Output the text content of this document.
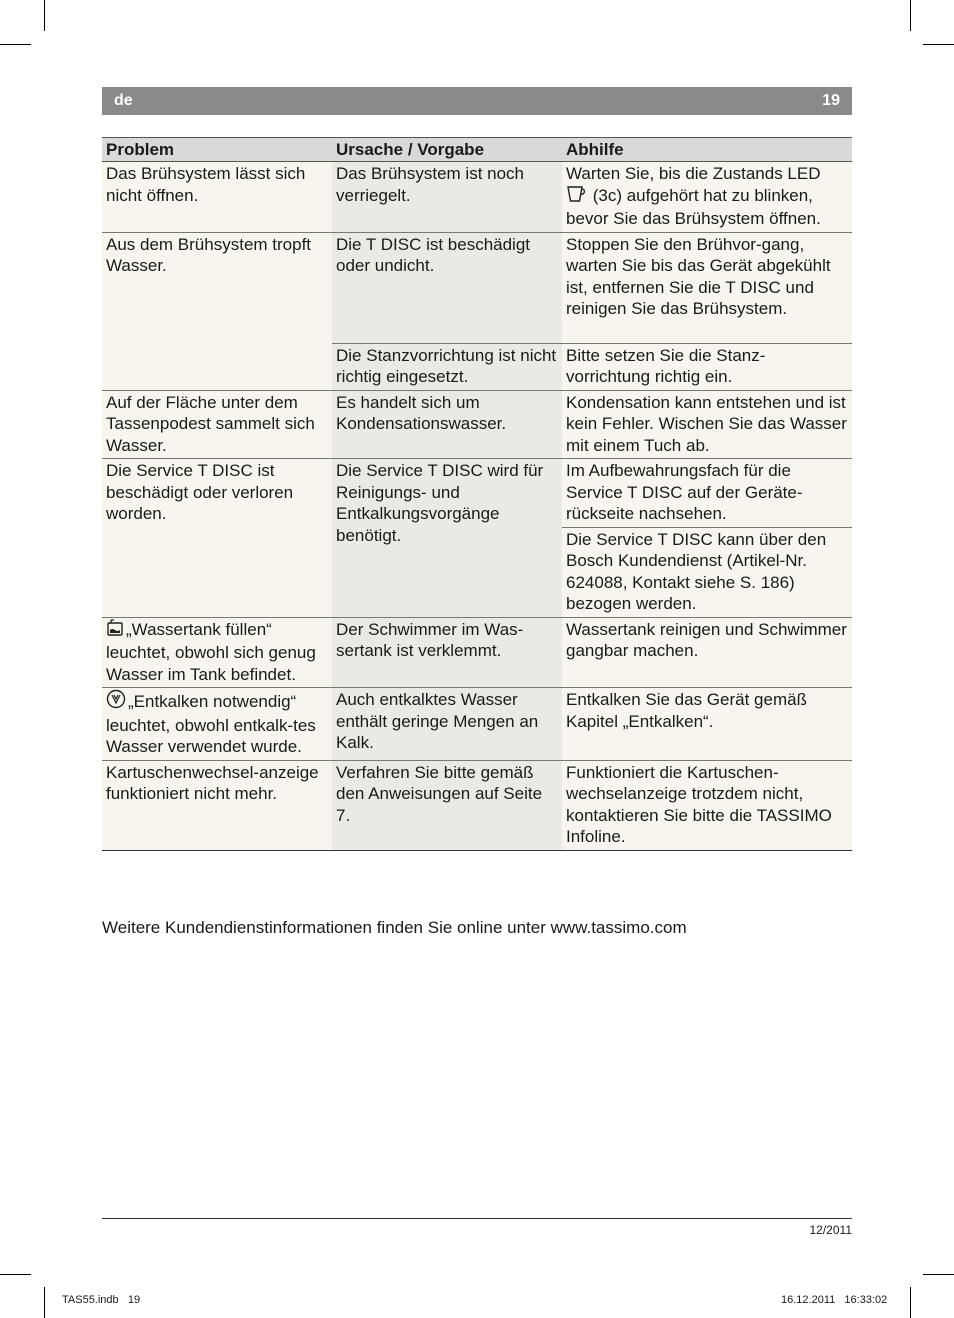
de	19
Problem	Ursache / Vorgabe	Abhilfe
Das Brühsystem lässt sich nicht öffnen.	Das Brühsystem ist noch verriegelt.	Warten Sie, bis die Zustands LED
(3c) aufgehört hat zu blinken, bevor Sie das Brühsystem öffnen.
Aus dem Brühsystem tropft Wasser.	Die T DISC ist beschädigt oder undicht.	Stoppen Sie den Brühvor-gang, warten Sie bis das Gerät abgekühlt ist, entfernen Sie die T DISC und reinigen Sie das Brühsystem.
	Die Stanzvorrichtung ist nicht richtig eingesetzt.	Bitte setzen Sie die Stanz-vorrichtung richtig ein.
Auf der Fläche unter dem Tassenpodest sammelt sich Wasser.	Es handelt sich um Kondensationswasser.	Kondensation kann entstehen und ist kein Fehler. Wischen Sie das Wasser mit einem Tuch ab.
Die Service T DISC ist beschädigt oder verloren worden.	Die Service T DISC wird für Reinigungs- und Entkalkungsvorgänge benötigt.	Im Aufbewahrungsfach für die Service T DISC auf der Geräte-rückseite nachsehen.
		Die Service T DISC kann über den Bosch Kundendienst (Artikel-Nr. 624088, Kontakt siehe S. 186) bezogen werden.
„Wassertank füllen“ leuchtet, obwohl sich genug Wasser im Tank befindet.	Der Schwimmer im Was-sertank ist verklemmt.	Wassertank reinigen und Schwimmer gangbar machen.
„Entkalken notwendig“ leuchtet, obwohl entkalk-tes Wasser verwendet wurde.	Auch entkalktes Wasser enthält geringe Mengen an Kalk.	Entkalken Sie das Gerät gemäß Kapitel „Entkalken“.
Kartuschenwechsel-anzeige funktioniert nicht mehr.	Verfahren Sie bitte gemäß den Anweisungen auf Seite 7.	Funktioniert die Kartuschen-wechselanzeige trotzdem nicht, kontaktieren Sie bitte die TASSIMO Infoline.
Weitere Kundendienstinformationen finden Sie online unter www.tassimo.com
12/2011
TAS55.indb   19	16.12.2011   16:33:02
